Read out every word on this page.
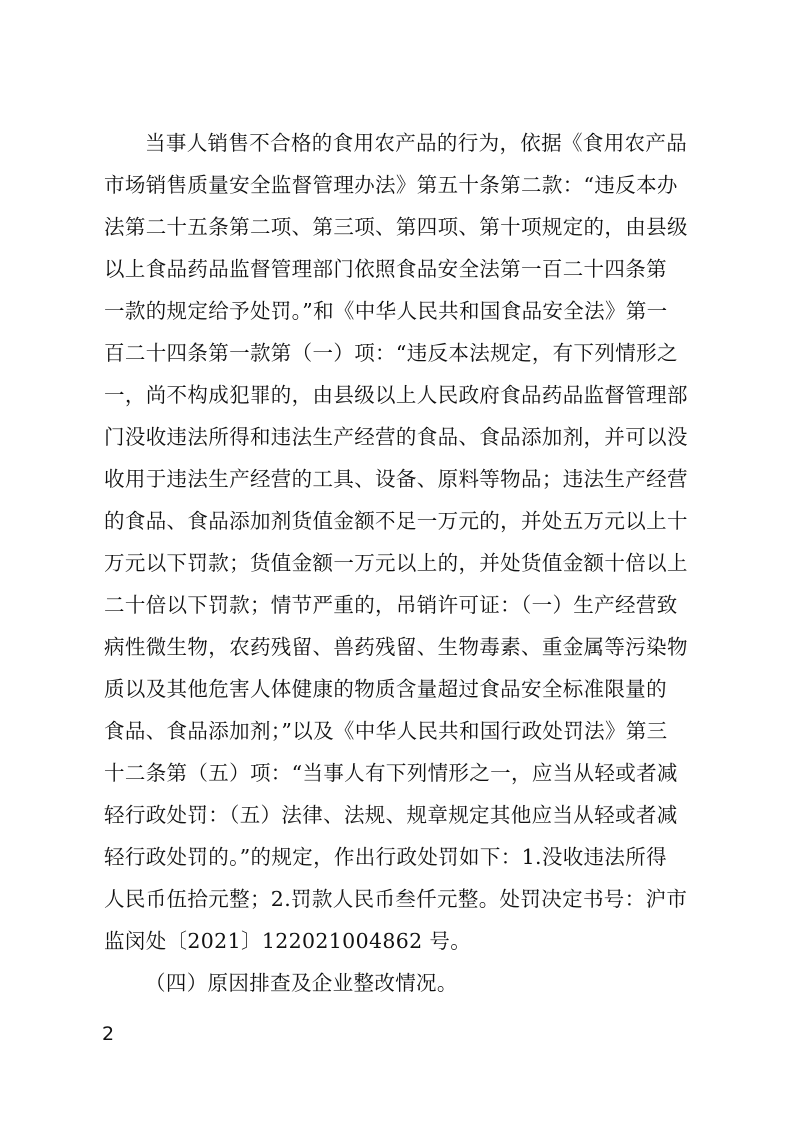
当事人销售不合格的食用农产品的行为，依据《食用农产品
市场销售质量安全监督管理办法》第五十条第二款：“违反本办
法第二十五条第二项、第三项、第四项、第十项规定的，由县级
以上食品药品监督管理部门依照食品安全法第一百二十四条第
一款的规定给予处罚。”和《中华人民共和国食品安全法》第一
百二十四条第一款第（一）项：“违反本法规定，有下列情形之
一，尚不构成犯罪的，由县级以上人民政府食品药品监督管理部
门没收违法所得和违法生产经营的食品、食品添加剂，并可以没
收用于违法生产经营的工具、设备、原料等物品；违法生产经营
的食品、食品添加剂货值金额不足一万元的，并处五万元以上十
万元以下罚款；货值金额一万元以上的，并处货值金额十倍以上
二十倍以下罚款；情节严重的，吊销许可证：（一）生产经营致
病性微生物，农药残留、兽药残留、生物毒素、重金属等污染物
质以及其他危害人体健康的物质含量超过食品安全标准限量的
食品、食品添加剂；”以及《中华人民共和国行政处罚法》第三
十二条第（五）项：“当事人有下列情形之一，应当从轻或者减
轻行政处罚：（五）法律、法规、规章规定其他应当从轻或者减
轻行政处罚的。”的规定，作出行政处罚如下：1.没收违法所得
人民币伍拾元整；2.罚款人民币叁仟元整。处罚决定书号：沪市
监闵处〔2021〕122021004862 号。
（四）原因排查及企业整改情况。
2
